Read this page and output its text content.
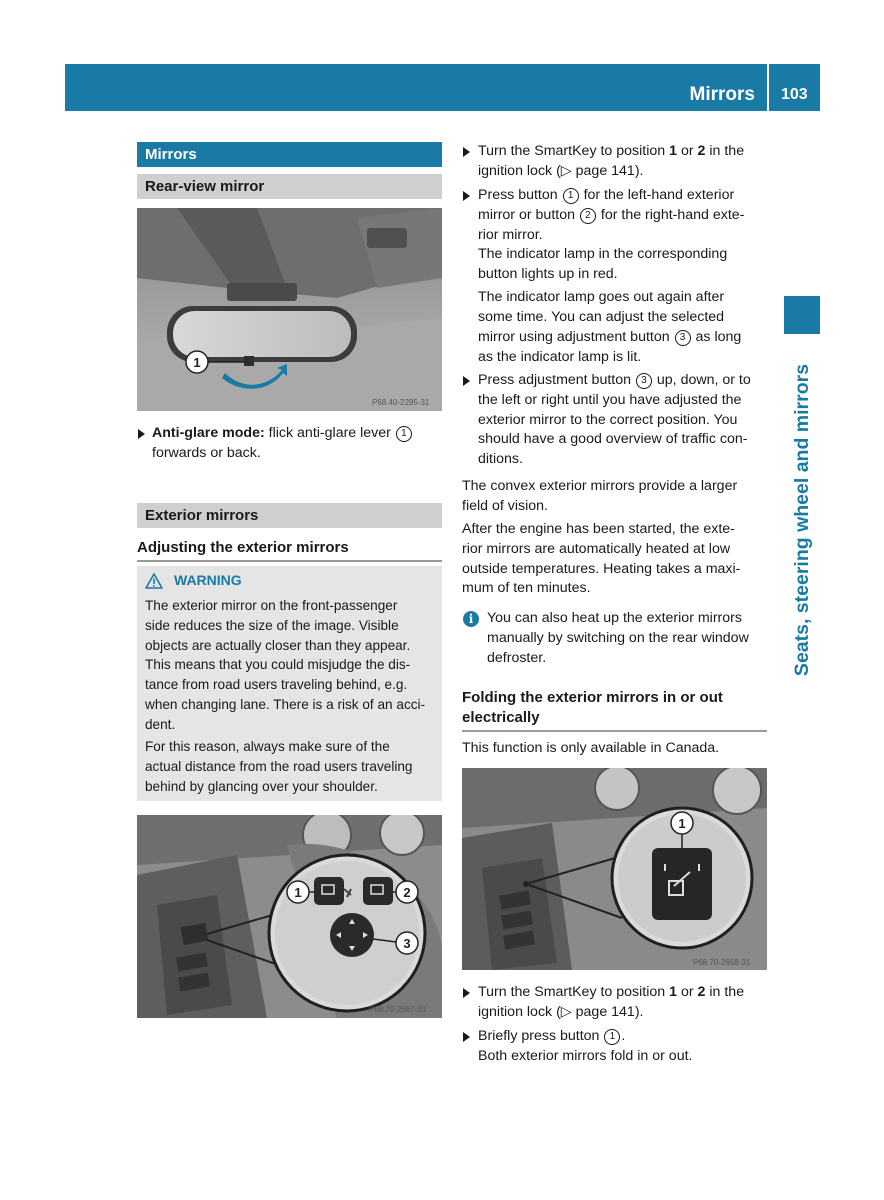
Mirrors 103
Seats, steering wheel and mirrors
Mirrors
Rear-view mirror
1
P68.40-2295-31
Anti-glare mode: flick anti-glare lever 1
forwards or back.
Exterior mirrors
Adjusting the exterior mirrors
WARNING
The exterior mirror on the front-passenger
side reduces the size of the image. Visible
objects are actually closer than they appear.
This means that you could misjudge the dis-
tance from road users traveling behind, e.g.
when changing lane. There is a risk of an acci-
dent.
For this reason, always make sure of the
actual distance from the road users traveling
behind by glancing over your shoulder.
1	2
3
P68.70-2667-31
Turn the SmartKey to position 1 or 2 in the
ignition lock (▷ page 141).
Press button 1 for the left-hand exterior
mirror or button 2 for the right-hand exte-
rior mirror.
The indicator lamp in the corresponding
button lights up in red.
The indicator lamp goes out again after
some time. You can adjust the selected
mirror using adjustment button 3 as long
as the indicator lamp is lit.
Press adjustment button 3 up, down, or to
the left or right until you have adjusted the
exterior mirror to the correct position. You
should have a good overview of traffic con-
ditions.
The convex exterior mirrors provide a larger
field of vision.
After the engine has been started, the exte-
rior mirrors are automatically heated at low
outside temperatures. Heating takes a maxi-
mum of ten minutes.
i You can also heat up the exterior mirrors
manually by switching on the rear window
defroster.
Folding the exterior mirrors in or out
electrically
This function is only available in Canada.
1
P68.70-2668-31
Turn the SmartKey to position 1 or 2 in the
ignition lock (▷ page 141).
Briefly press button 1 .
Both exterior mirrors fold in or out.
